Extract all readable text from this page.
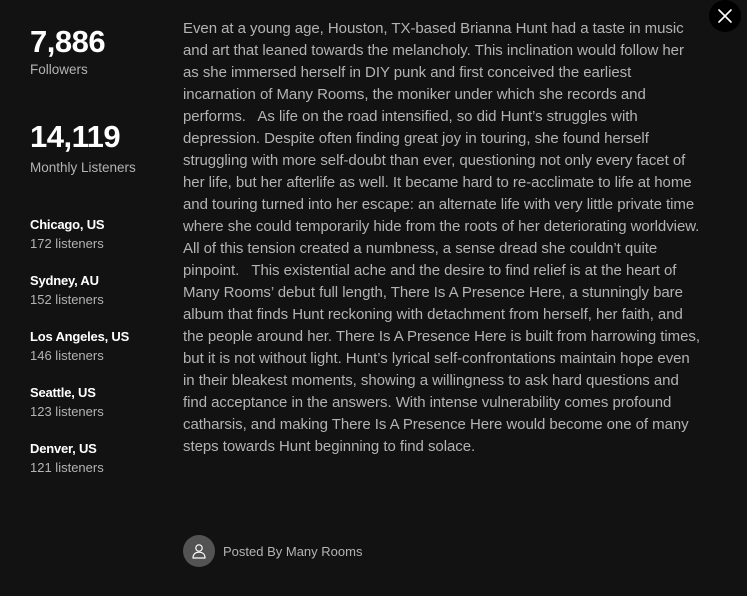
7,886
Followers
14,119
Monthly Listeners
Chicago, US
172 listeners
Sydney, AU
152 listeners
Los Angeles, US
146 listeners
Seattle, US
123 listeners
Denver, US
121 listeners
Even at a young age, Houston, TX-based Brianna Hunt had a taste in music and art that leaned towards the melancholy. This inclination would follow her as she immersed herself in DIY punk and first conceived the earliest incarnation of Many Rooms, the moniker under which she records and performs.   As life on the road intensified, so did Hunt’s struggles with depression. Despite often finding great joy in touring, she found herself struggling with more self-doubt than ever, questioning not only every facet of her life, but her afterlife as well. It became hard to re-acclimate to life at home and touring turned into her escape: an alternate life with very little private time where she could temporarily hide from the roots of her deteriorating worldview. All of this tension created a numbness, a sense dread she couldn’t quite pinpoint.   This existential ache and the desire to find relief is at the heart of Many Rooms’ debut full length, There Is A Presence Here, a stunningly bare album that finds Hunt reckoning with detachment from herself, her faith, and the people around her. There Is A Presence Here is built from harrowing times, but it is not without light. Hunt’s lyrical self-confrontations maintain hope even in their bleakest moments, showing a willingness to ask hard questions and find acceptance in the answers. With intense vulnerability comes profound catharsis, and making There Is A Presence Here would become one of many steps towards Hunt beginning to find solace.
Posted By Many Rooms
